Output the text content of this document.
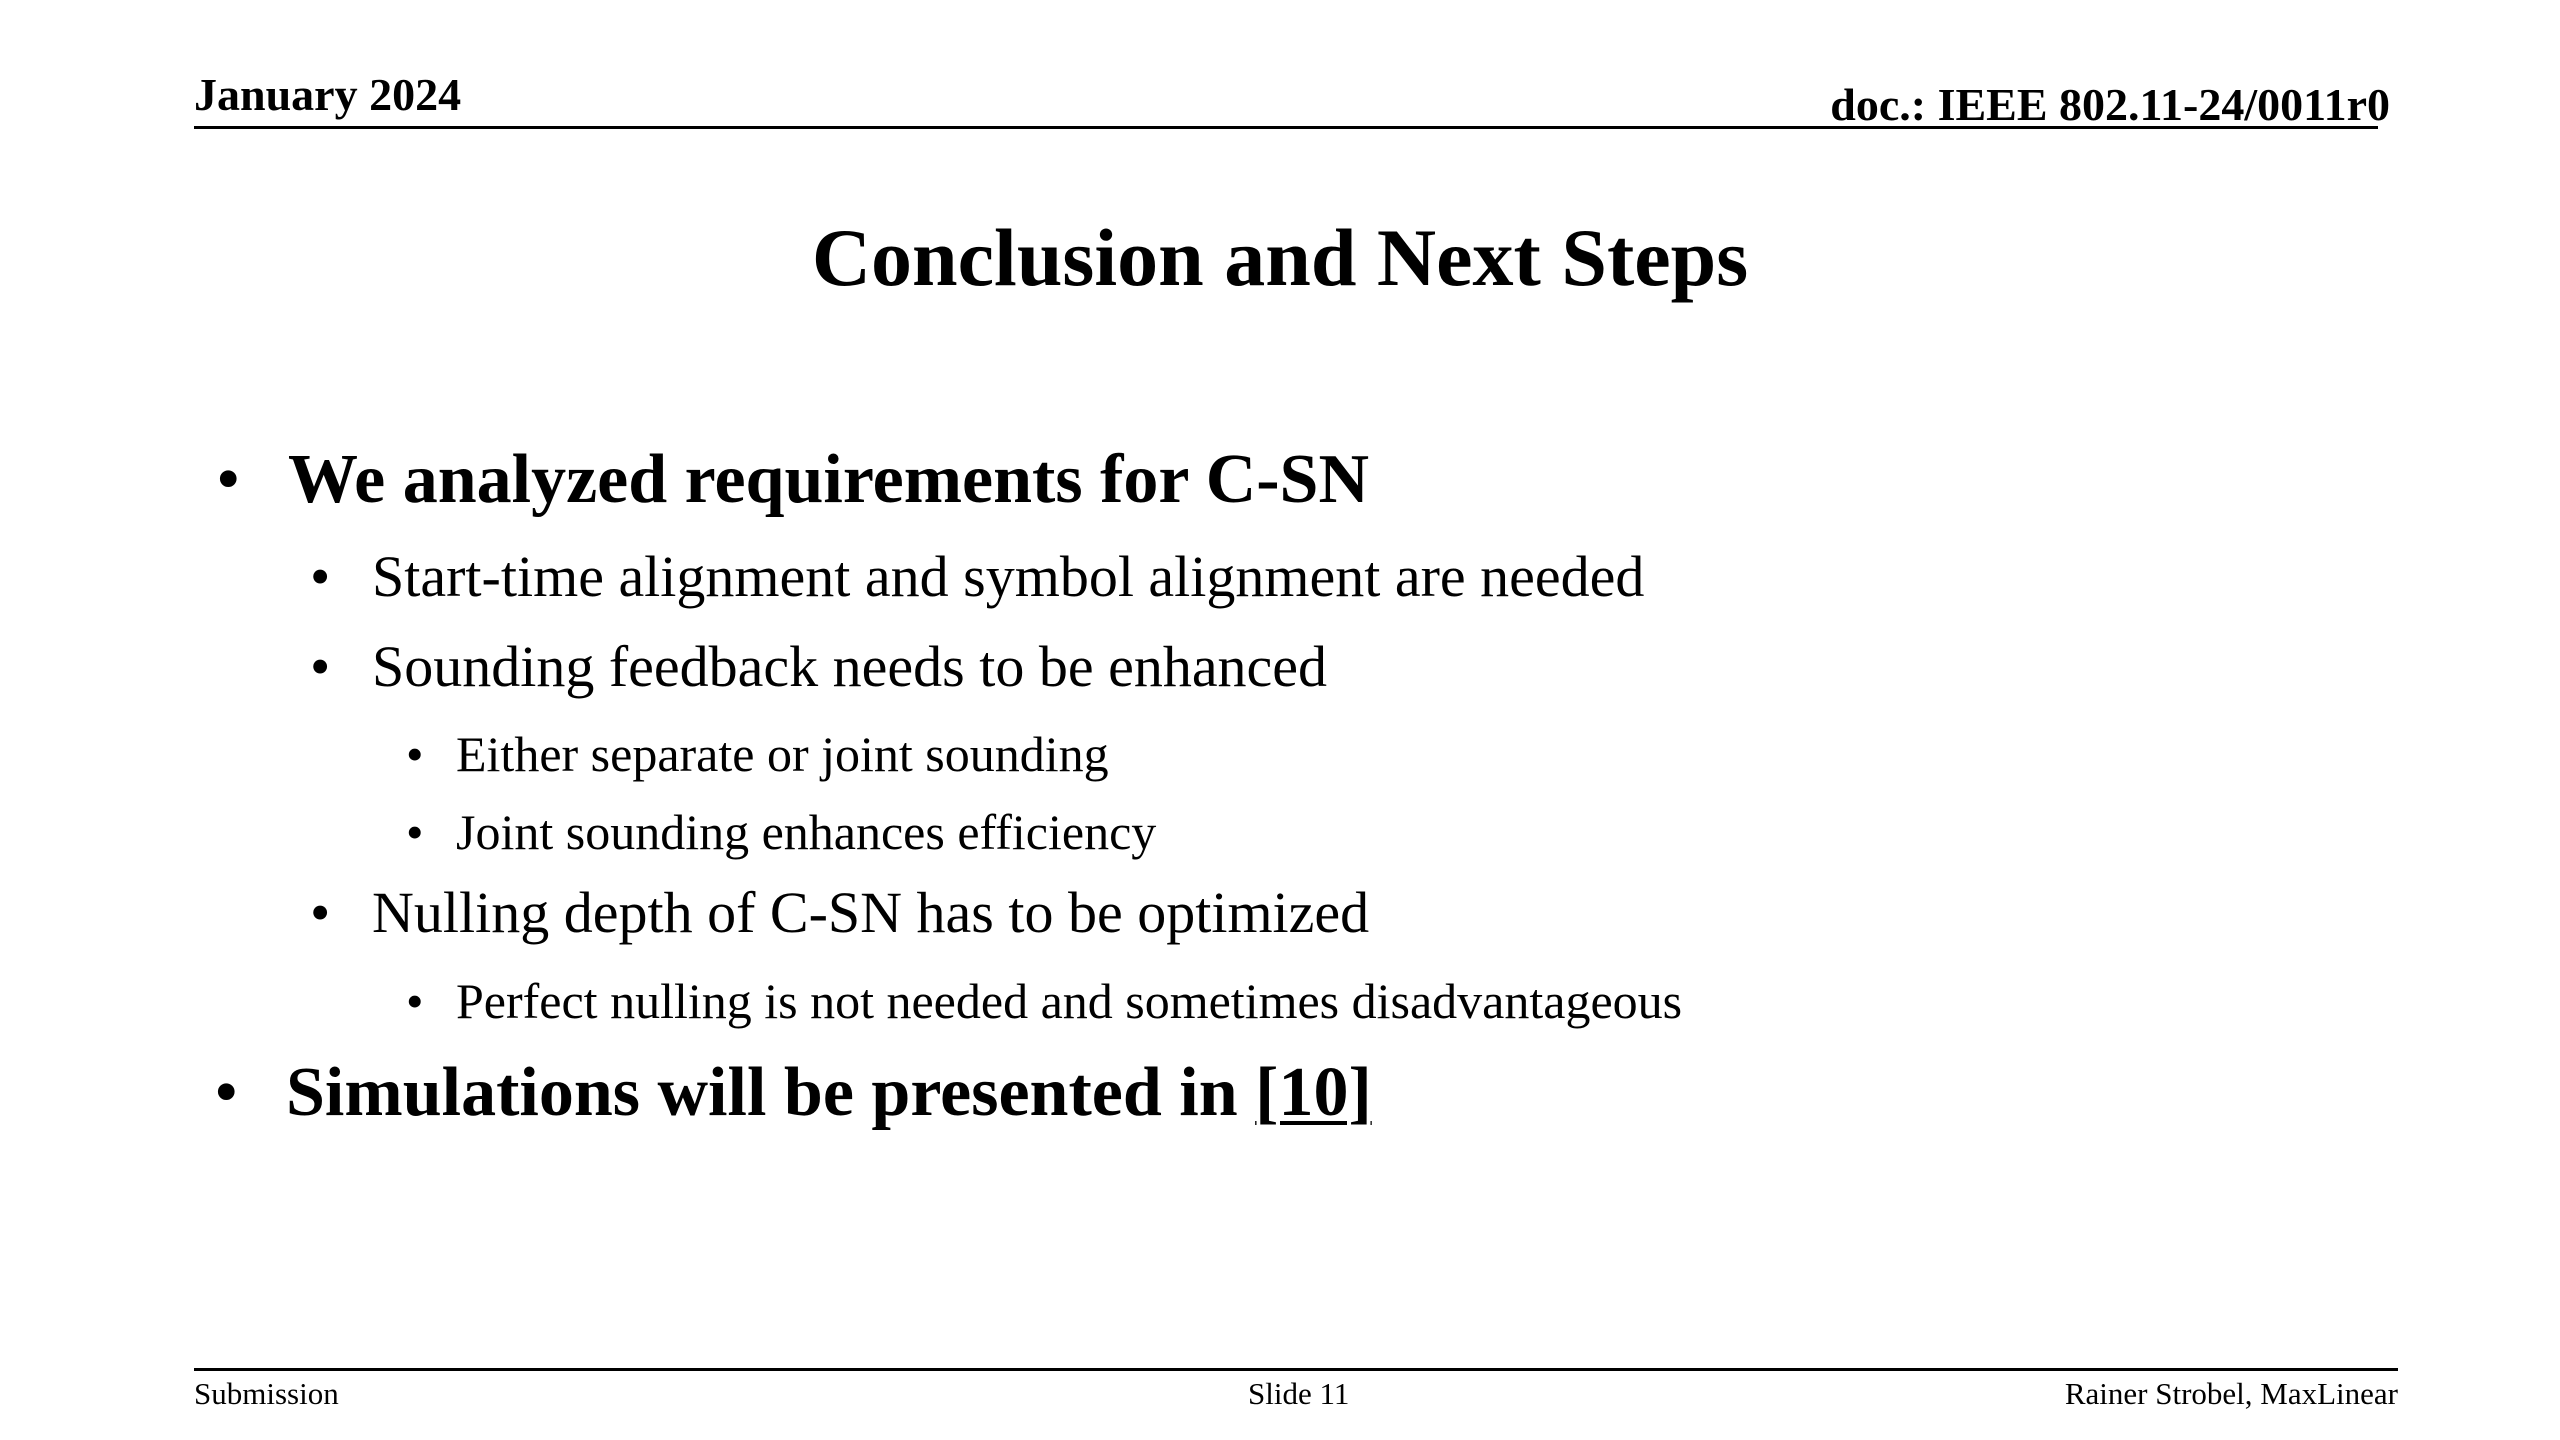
January 2024	doc.: IEEE 802.11-24/0011r0
Conclusion and Next Steps
• We analyzed requirements for C-SN
• Start-time alignment and symbol alignment are needed
• Sounding feedback needs to be enhanced
• Either separate or joint sounding
• Joint sounding enhances efficiency
• Nulling depth of C-SN has to be optimized
• Perfect nulling is not needed and sometimes disadvantageous
• Simulations will be presented in [10]
Submission	Slide 11	Rainer Strobel, MaxLinear
